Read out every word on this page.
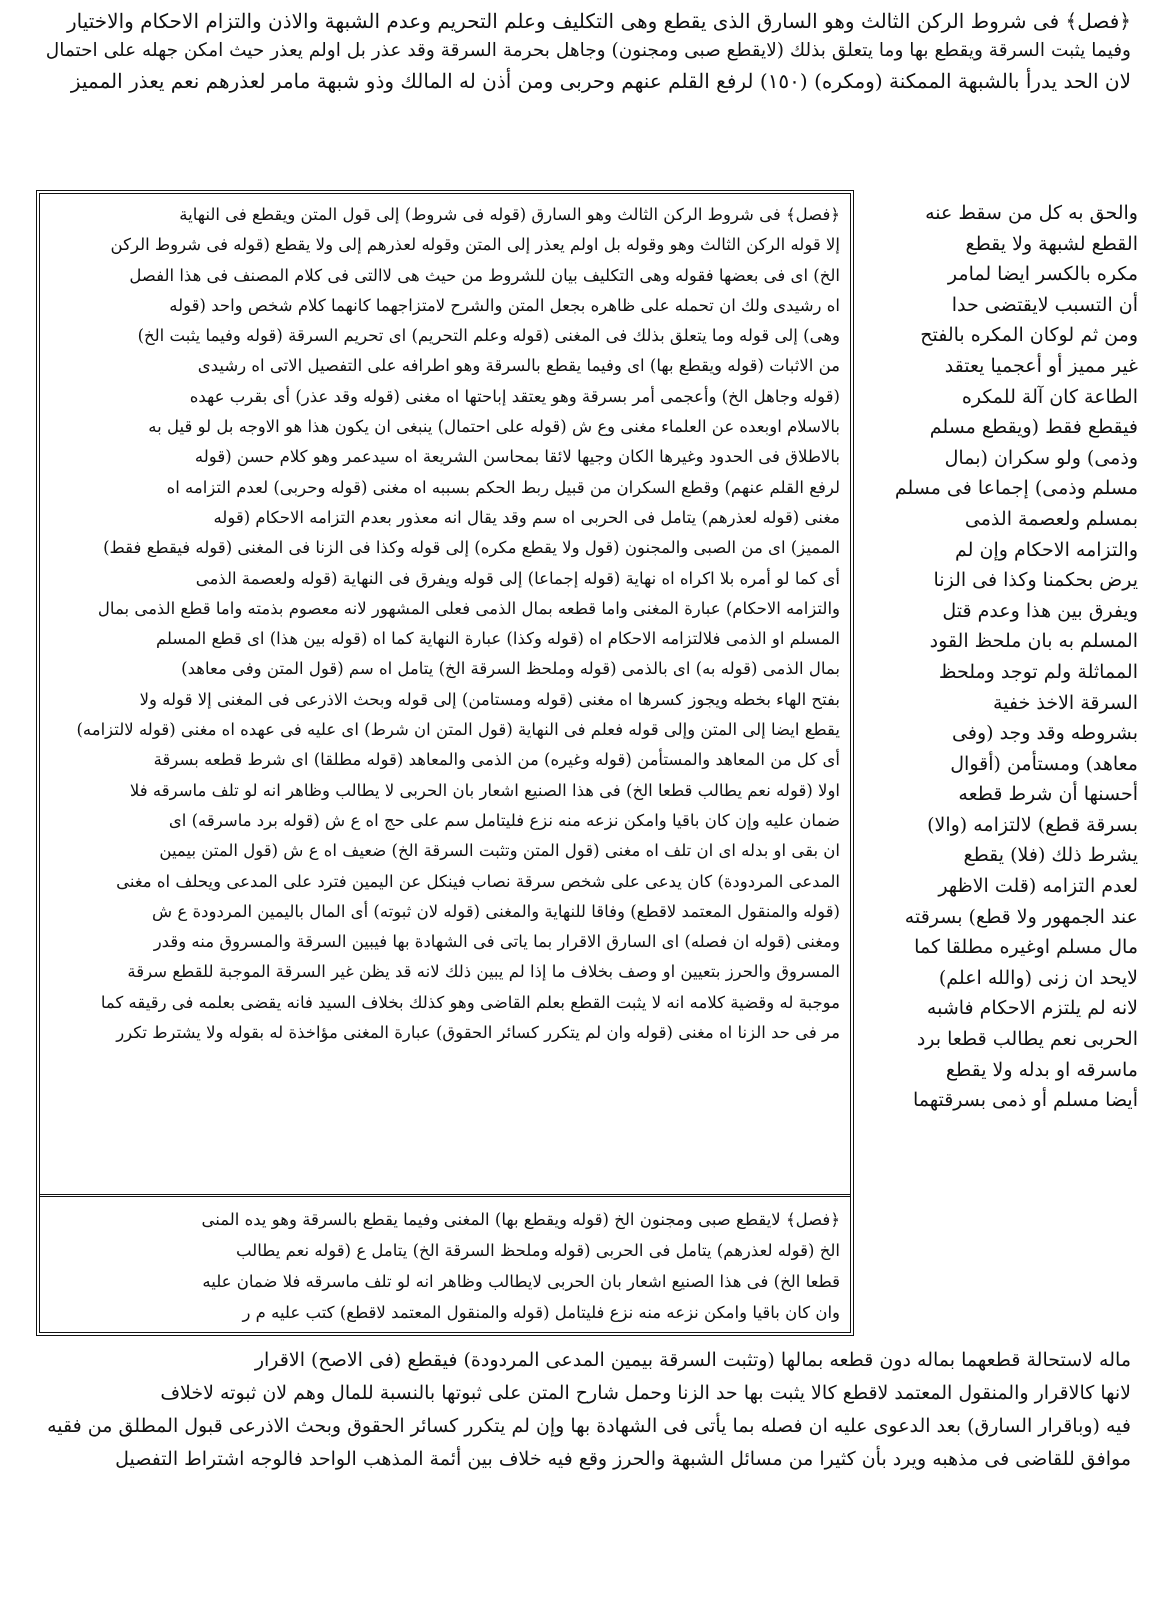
﴿فصل﴾ فى شروط الركن الثالث وهو السارق الذى يقطع وهى التكليف وعلم التحريم وعدم الشبهة والاذن والتزام الاحكام والاختيار
وفيما يثبت السرقة ويقطع بها وما يتعلق بذلك (لايقطع صبى ومجنون) وجاهل بحرمة السرقة وقد عذر بل اولم يعذر حيث امكن جهله على احتمال
لان الحد يدرأ بالشبهة الممكنة (ومكره) (١٥٠) لرفع القلم عنهم وحربى ومن أذن له المالك وذو شبهة مامر لعذرهم نعم يعذر المميز
والحق به كل من سقط عنه
القطع لشبهة ولا يقطع
مكره بالكسر ايضا لمامر
أن التسبب لايقتضى حدا
ومن ثم لوكان المكره بالفتح
غير مميز أو أعجميا يعتقد
الطاعة كان آلة للمكره
فيقطع فقط (ويقطع مسلم
وذمى) ولو سكران (بمال
مسلم وذمى) إجماعا فى مسلم
بمسلم ولعصمة الذمى
والتزامه الاحكام وإن لم
يرض بحكمنا وكذا فى الزنا
ويفرق بين هذا وعدم قتل
المسلم به بان ملحظ القود
المماثلة ولم توجد وملحظ
السرقة الاخذ خفية
بشروطه وقد وجد (وفى
معاهد) ومستأمن (أقوال
أحسنها أن شرط قطعه
بسرقة قطع) لالتزامه (والا)
يشرط ذلك (فلا) يقطع
لعدم التزامه (قلت الاظهر
عند الجمهور ولا قطع) بسرقته
مال مسلم اوغيره مطلقا كما
لايحد ان زنى (والله اعلم)
لانه لم يلتزم الاحكام فاشبه
الحربى نعم يطالب قطعا برد
ماسرقه او بدله ولا يقطع
أيضا مسلم أو ذمى بسرقتهما
﴿فصل﴾ فى شروط الركن الثالث وهو السارق (قوله فى شروط) إلى قول المتن ويقطع فى النهاية
إلا قوله الركن الثالث وهو وقوله بل اولم يعذر إلى المتن وقوله لعذرهم إلى ولا يقطع (قوله فى شروط الركن
الخ) اى فى بعضها فقوله وهى التكليف بيان للشروط من حيث هى لاالتى فى كلام المصنف فى هذا الفصل
اه رشيدى ولك ان تحمله على ظاهره بجعل المتن والشرح لامتزاجهما كانهما كلام شخص واحد (قوله
وهى) إلى قوله وما يتعلق بذلك فى المغنى (قوله وعلم التحريم) اى تحريم السرقة (قوله وفيما يثبت الخ)
من الاثبات (قوله ويقطع بها) اى وفيما يقطع بالسرقة وهو اطرافه على التفصيل الاتى اه رشيدى
(قوله وجاهل الخ) وأعجمى أمر بسرقة وهو يعتقد إباحتها اه مغنى (قوله وقد عذر) أى بقرب عهده
بالاسلام اوبعده عن العلماء مغنى وع ش (قوله على احتمال) ينبغى ان يكون هذا هو الاوجه بل لو قيل به
بالاطلاق فى الحدود وغيرها الكان وجيها لائقا بمحاسن الشريعة اه سيدعمر وهو كلام حسن (قوله
لرفع القلم عنهم) وقطع السكران من قبيل ربط الحكم بسببه اه مغنى (قوله وحربى) لعدم التزامه اه
مغنى (قوله لعذرهم) يتامل فى الحربى اه سم وقد يقال انه معذور بعدم التزامه الاحكام (قوله
المميز) اى من الصبى والمجنون (قول ولا يقطع مكره) إلى قوله وكذا فى الزنا فى المغنى (قوله فيقطع فقط)
أى كما لو أمره بلا اكراه اه نهاية (قوله إجماعا) إلى قوله ويفرق فى النهاية (قوله ولعصمة الذمى
والتزامه الاحكام) عبارة المغنى واما قطعه بمال الذمى فعلى المشهور لانه معصوم بذمته واما قطع الذمى بمال
المسلم او الذمى فلالتزامه الاحكام اه (قوله وكذا) عبارة النهاية كما اه (قوله بين هذا) اى قطع المسلم
بمال الذمى (قوله به) اى بالذمى (قوله وملحظ السرقة الخ) يتامل اه سم (قول المتن وفى معاهد)
بفتح الهاء بخطه ويجوز كسرها اه مغنى (قوله ومستامن) إلى قوله وبحث الاذرعى فى المغنى إلا قوله ولا
يقطع ايضا إلى المتن وإلى قوله فعلم فى النهاية (قول المتن ان شرط) اى عليه فى عهده اه مغنى (قوله لالتزامه)
أى كل من المعاهد والمستأمن (قوله وغيره) من الذمى والمعاهد (قوله مطلقا) اى شرط قطعه بسرقة
اولا (قوله نعم يطالب قطعا الخ) فى هذا الصنيع اشعار بان الحربى لا يطالب وظاهر انه لو تلف ماسرقه فلا
ضمان عليه وإن كان باقيا وامكن نزعه منه نزع فليتامل سم على حج اه ع ش (قوله برد ماسرقه) اى
ان بقى او بدله اى ان تلف اه مغنى (قول المتن وتثبت السرقة الخ) ضعيف اه ع ش (قول المتن بيمين
المدعى المردودة) كان يدعى على شخص سرقة نصاب فينكل عن اليمين فترد على المدعى ويحلف اه مغنى
(قوله والمنقول المعتمد لاقطع) وفاقا للنهاية والمغنى (قوله لان ثبوته) أى المال باليمين المردودة ع ش
ومغنى (قوله ان فصله) اى السارق الاقرار بما ياتى فى الشهادة بها فيبين السرقة والمسروق منه وقدر
المسروق والحرز بتعيين او وصف بخلاف ما إذا لم يبين ذلك لانه قد يظن غير السرقة الموجبة للقطع سرقة
موجبة له وقضية كلامه انه لا يثبت القطع بعلم القاضى وهو كذلك بخلاف السيد فانه يقضى بعلمه فى رقيقه كما
مر فى حد الزنا اه مغنى (قوله وان لم يتكرر كسائر الحقوق) عبارة المغنى مؤاخذة له بقوله ولا يشترط تكرر
﴿فصل﴾ لايقطع صبى ومجنون الخ (قوله ويقطع بها) المغنى وفيما يقطع بالسرقة وهو يده المنى
الخ (قوله لعذرهم) يتامل فى الحربى (قوله وملحظ السرقة الخ) يتامل ع (قوله نعم يطالب
قطعا الخ) فى هذا الصنيع اشعار بان الحربى لايطالب وظاهر انه لو تلف ماسرقه فلا ضمان عليه
وان كان باقيا وامكن نزعه منه نزع فليتامل (قوله والمنقول المعتمد لاقطع) كتب عليه م ر
ماله لاستحالة قطعهما بماله دون قطعه بمالها (وتثبت السرقة بيمين المدعى المردودة) فيقطع (فى الاصح) الاقرار
لانها كالاقرار والمنقول المعتمد لاقطع كالا يثبت بها حد الزنا وحمل شارح المتن على ثبوتها بالنسبة للمال وهم لان ثبوته لاخلاف
فيه (وباقرار السارق) بعد الدعوى عليه ان فصله بما يأتى فى الشهادة بها وإن لم يتكرر كسائر الحقوق وبحث الاذرعى قبول المطلق من فقيه
موافق للقاضى فى مذهبه ويرد بأن كثيرا من مسائل الشبهة والحرز وقع فيه خلاف بين أئمة المذهب الواحد فالوجه اشتراط التفصيل
